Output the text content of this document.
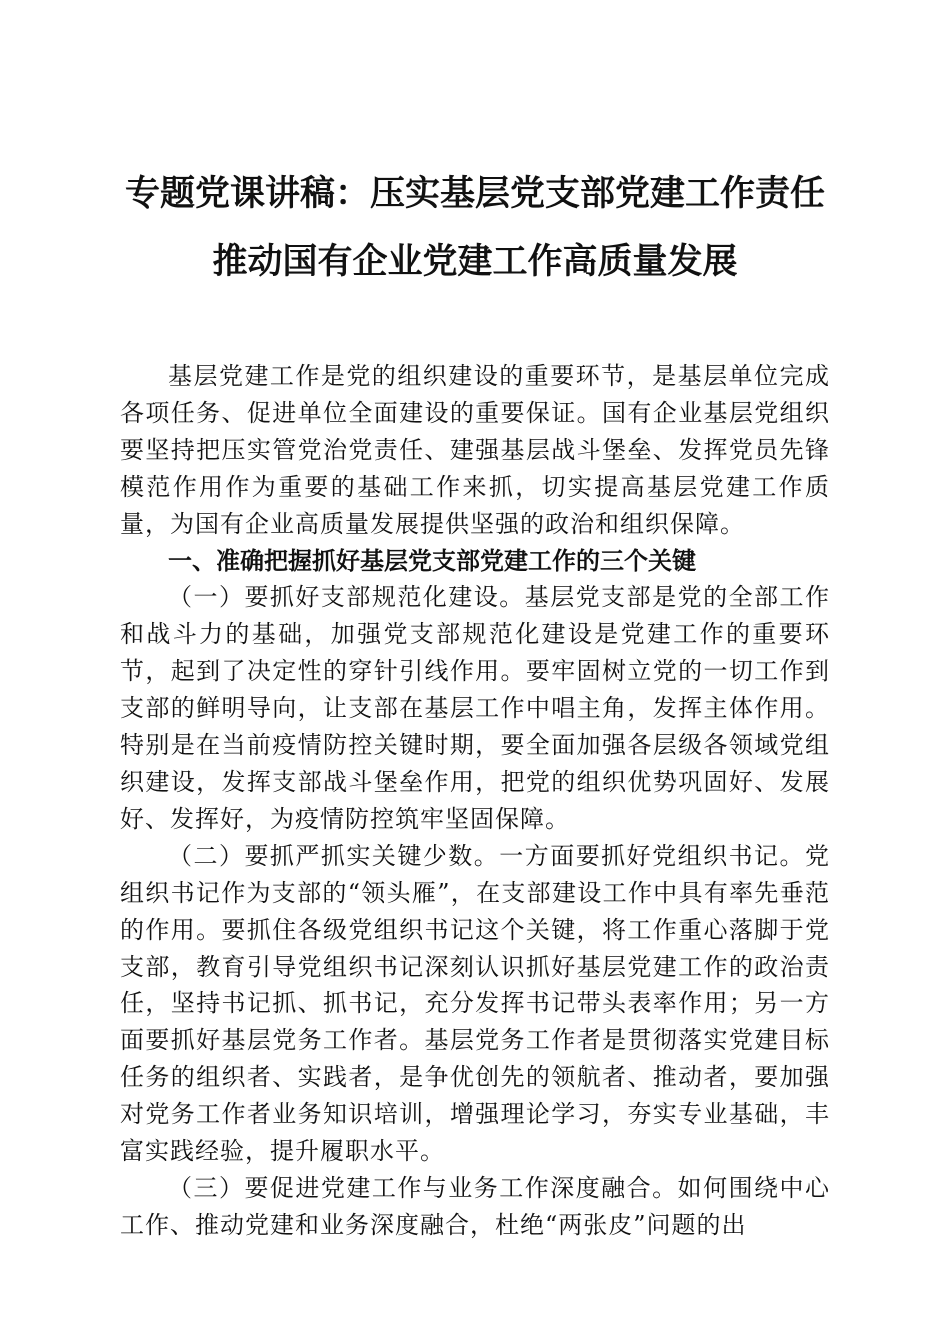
专题党课讲稿：压实基层党支部党建工作责任
推动国有企业党建工作高质量发展

基层党建工作是党的组织建设的重要环节，是基层单位完成各项任务、促进单位全面建设的重要保证。国有企业基层党组织要坚持把压实管党治党责任、建强基层战斗堡垒、发挥党员先锋模范作用作为重要的基础工作来抓，切实提高基层党建工作质量，为国有企业高质量发展提供坚强的政治和组织保障。

一、准确把握抓好基层党支部党建工作的三个关键

（一）要抓好支部规范化建设。基层党支部是党的全部工作和战斗力的基础，加强党支部规范化建设是党建工作的重要环节，起到了决定性的穿针引线作用。要牢固树立党的一切工作到支部的鲜明导向，让支部在基层工作中唱主角，发挥主体作用。特别是在当前疫情防控关键时期，要全面加强各层级各领域党组织建设，发挥支部战斗堡垒作用，把党的组织优势巩固好、发展好、发挥好，为疫情防控筑牢坚固保障。

（二）要抓严抓实关键少数。一方面要抓好党组织书记。党组织书记作为支部的“领头雁”，在支部建设工作中具有率先垂范的作用。要抓住各级党组织书记这个关键，将工作重心落脚于党支部，教育引导党组织书记深刻认识抓好基层党建工作的政治责任，坚持书记抓、抓书记，充分发挥书记带头表率作用；另一方面要抓好基层党务工作者。基层党务工作者是贯彻落实党建目标任务的组织者、实践者，是争优创先的领航者、推动者，要加强对党务工作者业务知识培训，增强理论学习，夯实专业基础，丰富实践经验，提升履职水平。

（三）要促进党建工作与业务工作深度融合。如何围绕中心工作、推动党建和业务深度融合，杜绝“两张皮”问题的出
